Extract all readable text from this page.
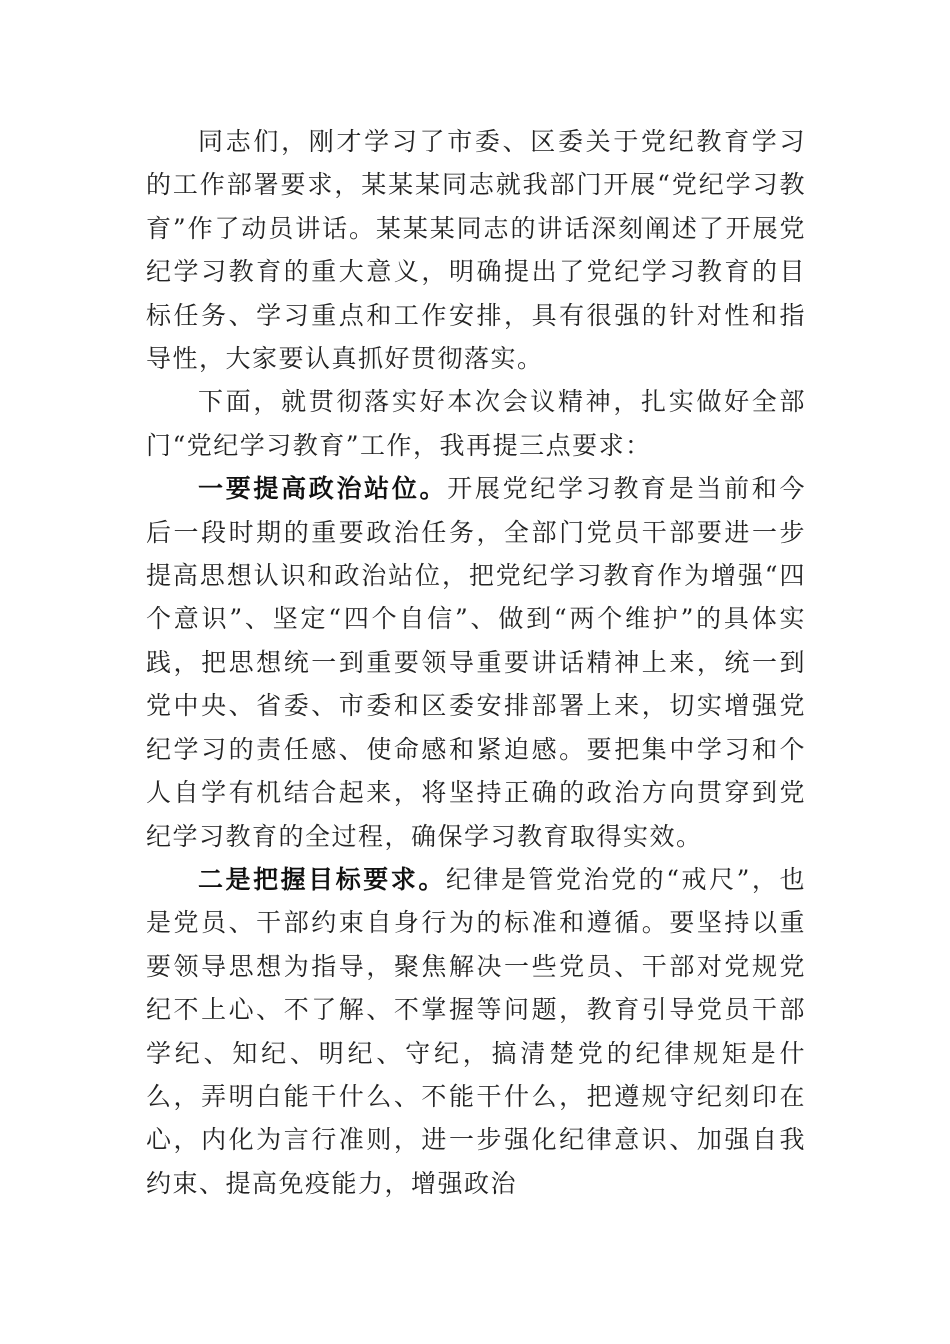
同志们，刚才学习了市委、区委关于党纪教育学习的工作部署要求，某某某同志就我部门开展“党纪学习教育”作了动员讲话。某某某同志的讲话深刻阐述了开展党纪学习教育的重大意义，明确提出了党纪学习教育的目标任务、学习重点和工作安排，具有很强的针对性和指导性，大家要认真抓好贯彻落实。

下面，就贯彻落实好本次会议精神，扎实做好全部门“党纪学习教育”工作，我再提三点要求：

一要提高政治站位。开展党纪学习教育是当前和今后一段时期的重要政治任务，全部门党员干部要进一步提高思想认识和政治站位，把党纪学习教育作为增强“四个意识”、坚定“四个自信”、做到“两个维护”的具体实践，把思想统一到重要领导重要讲话精神上来，统一到党中央、省委、市委和区委安排部署上来，切实增强党纪学习的责任感、使命感和紧迫感。要把集中学习和个人自学有机结合起来，将坚持正确的政治方向贯穿到党纪学习教育的全过程，确保学习教育取得实效。

二是把握目标要求。纪律是管党治党的“戒尺”，也是党员、干部约束自身行为的标准和遵循。要坚持以重要领导思想为指导，聚焦解决一些党员、干部对党规党纪不上心、不了解、不掌握等问题，教育引导党员干部学纪、知纪、明纪、守纪，搞清楚党的纪律规矩是什么，弄明白能干什么、不能干什么，把遵规守纪刻印在心，内化为言行准则，进一步强化纪律意识、加强自我约束、提高免疫能力，增强政治
